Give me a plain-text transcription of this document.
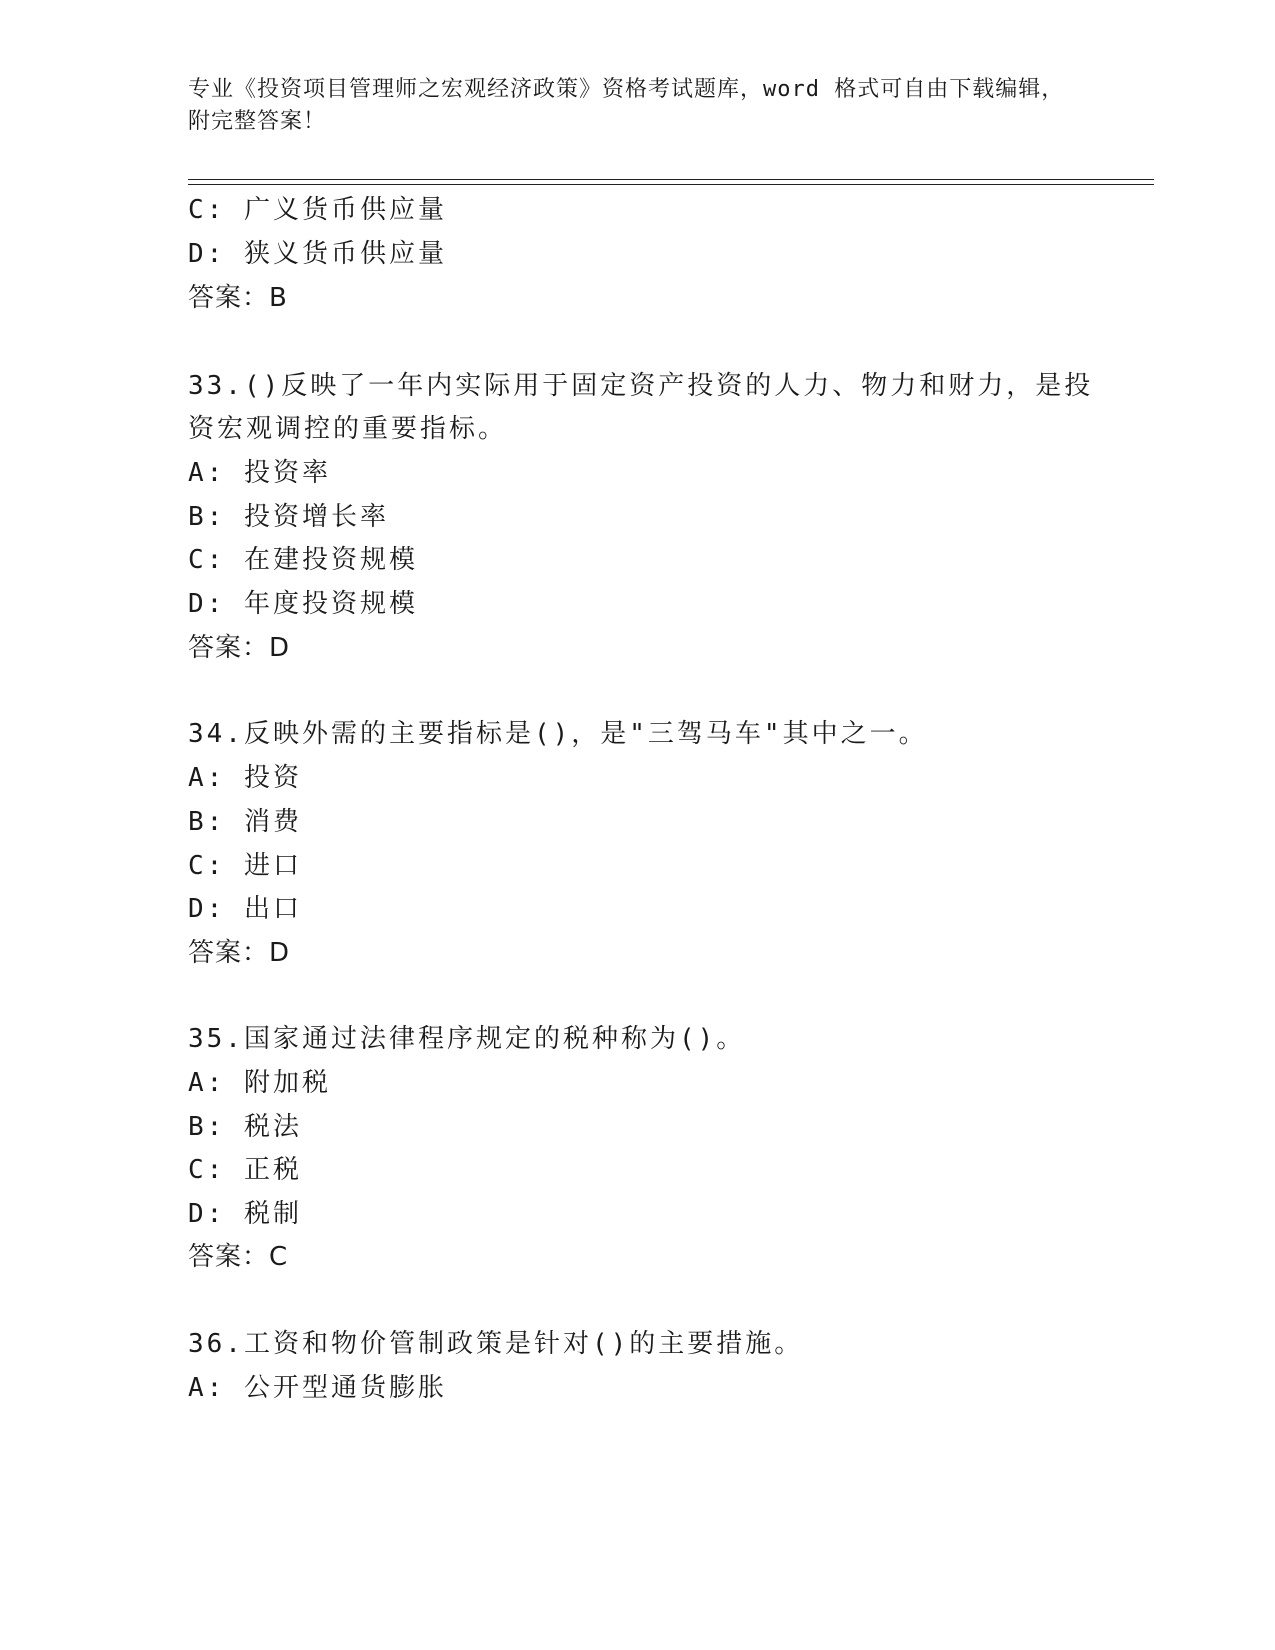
专业《投资项目管理师之宏观经济政策》资格考试题库，word 格式可自由下载编辑，附完整答案！
C: 广义货币供应量
D: 狭义货币供应量
答案：B
33.()反映了一年内实际用于固定资产投资的人力、物力和财力，是投
资宏观调控的重要指标。
A: 投资率
B: 投资增长率
C: 在建投资规模
D: 年度投资规模
答案：D
34.反映外需的主要指标是()，是"三驾马车"其中之一。
A: 投资
B: 消费
C: 进口
D: 出口
答案：D
35.国家通过法律程序规定的税种称为()。
A: 附加税
B: 税法
C: 正税
D: 税制
答案：C
36.工资和物价管制政策是针对()的主要措施。
A: 公开型通货膨胀
